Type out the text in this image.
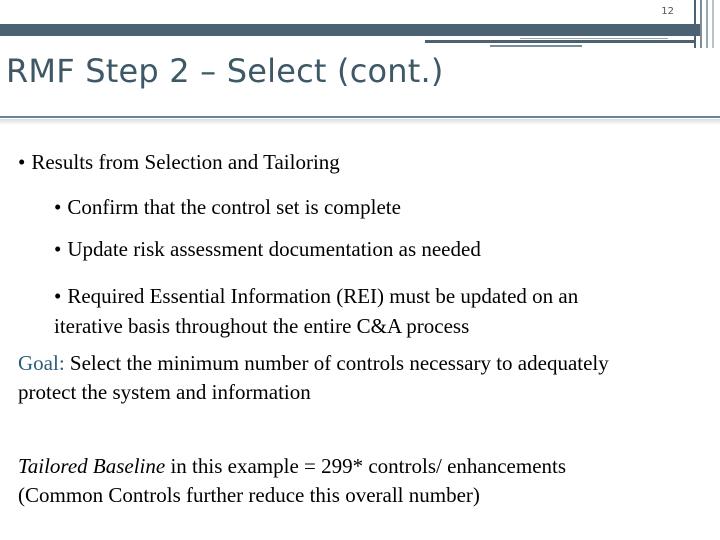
12
RMF Step 2 – Select (cont.)
• Results from Selection and Tailoring
• Confirm that the control set is complete
• Update risk assessment documentation as needed
• Required Essential Information (REI) must be updated on an
iterative basis throughout the entire C&A process
Goal: Select the minimum number of controls necessary to adequately
protect the system and information
Tailored Baseline in this example = 299* controls/ enhancements
(Common Controls further reduce this overall number)
